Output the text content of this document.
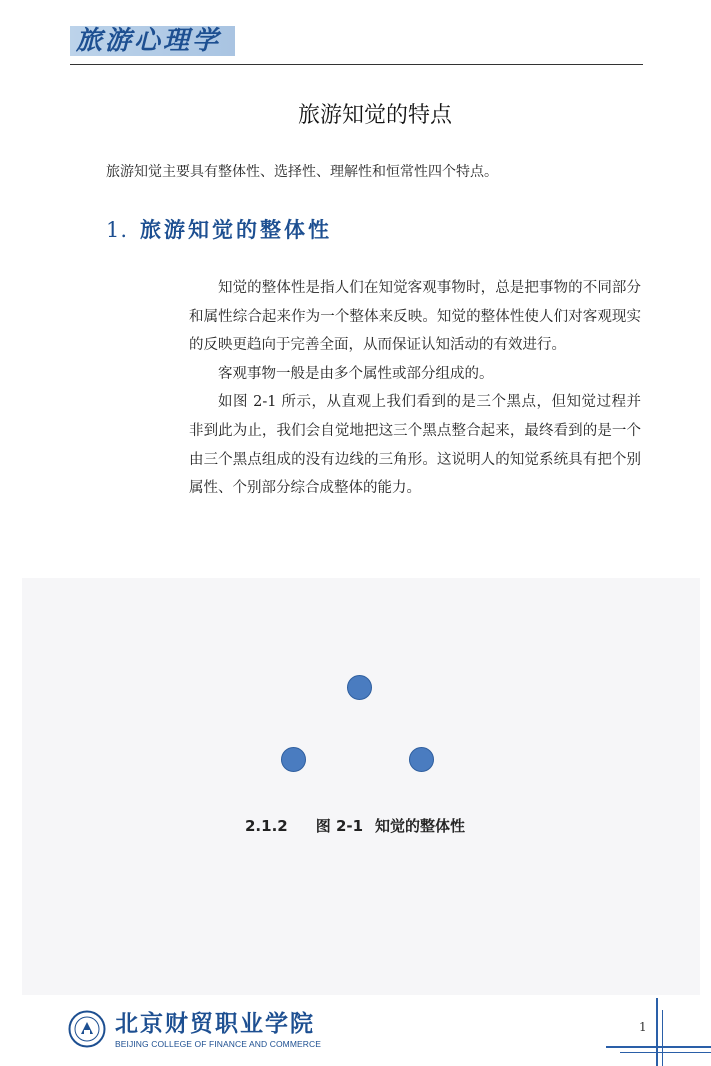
旅游心理学
旅游知觉的特点
旅游知觉主要具有整体性、选择性、理解性和恒常性四个特点。
1. 旅游知觉的整体性

知觉的整体性是指人们在知觉客观事物时，总是把事物的不同部分和属性综合起来作为一个整体来反映。知觉的整体性使人们对客观现实的反映更趋向于完善全面，从而保证认知活动的有效进行。

客观事物一般是由多个属性或部分组成的。

如图 2-1 所示，从直观上我们看到的是三个黑点，但知觉过程并非到此为止，我们会自觉地把这三个黑点整合起来，最终看到的是一个由三个黑点组成的没有边线的三角形。这说明人的知觉系统具有把个别属性、个别部分综合成整体的能力。

2.1.2 图 2-1 知觉的整体性
北京财贸职业学院
BEIJING COLLEGE OF FINANCE AND COMMERCE
1
